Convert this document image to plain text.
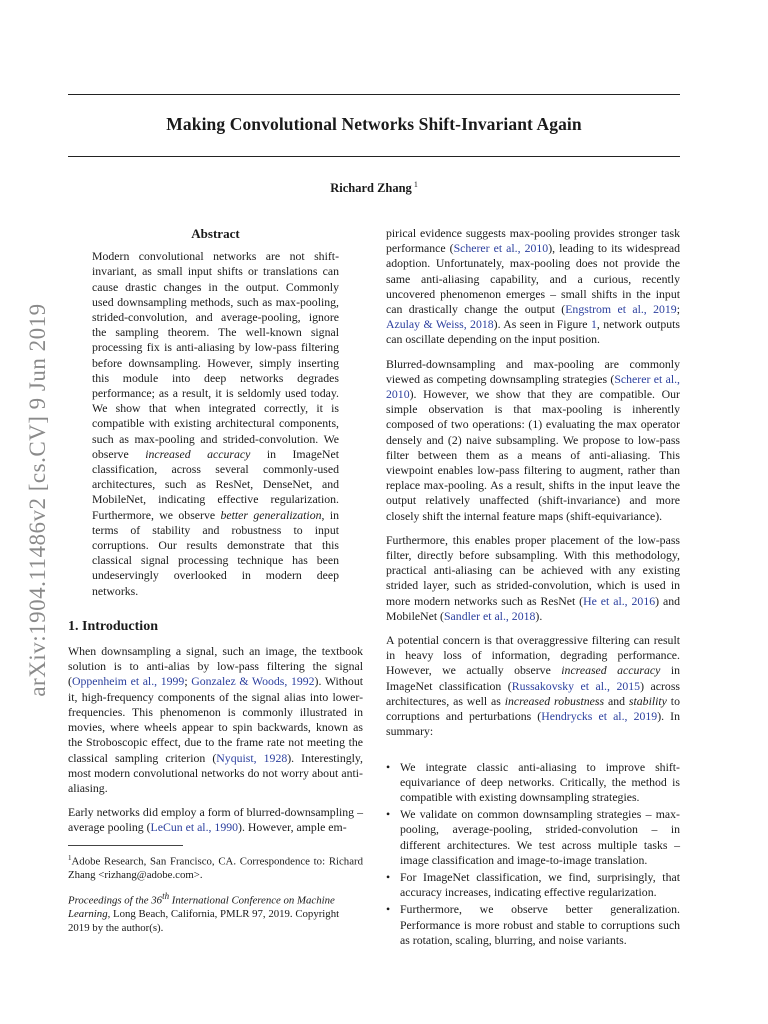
Making Convolutional Networks Shift-Invariant Again
Richard Zhang $^1$
arXiv:1904.11486v2 [cs.CV] 9 Jun 2019
Abstract
Modern convolutional networks are not shift-invariant, as small input shifts or translations can cause drastic changes in the output. Commonly used downsampling methods, such as max-pooling, strided-convolution, and average-pooling, ignore the sampling theorem. The well-known signal processing fix is anti-aliasing by low-pass filtering before downsampling. However, simply inserting this module into deep networks degrades performance; as a result, it is seldomly used today. We show that when integrated correctly, it is compatible with existing architectural components, such as max-pooling and strided-convolution. We observe increased accuracy in ImageNet classification, across several commonly-used architectures, such as ResNet, DenseNet, and MobileNet, indicating effective regularization. Furthermore, we observe better generalization, in terms of stability and robustness to input corruptions. Our results demonstrate that this classical signal processing technique has been undeservingly overlooked in modern deep networks.
1. Introduction

When downsampling a signal, such an image, the textbook solution is to anti-alias by low-pass filtering the signal (Oppenheim et al., 1999; Gonzalez & Woods, 1992). Without it, high-frequency components of the signal alias into lower-frequencies. This phenomenon is commonly illustrated in movies, where wheels appear to spin backwards, known as the Stroboscopic effect, due to the frame rate not meeting the classical sampling criterion (Nyquist, 1928). Interestingly, most modern convolutional networks do not worry about anti-aliasing.

Early networks did employ a form of blurred-downsampling – average pooling (LeCun et al., 1990). However, ample em-

$^1$Adobe Research, San Francisco, CA. Correspondence to: Richard Zhang <rizhang@adobe.com>.
Proceedings of the 36th International Conference on Machine Learning, Long Beach, California, PMLR 97, 2019. Copyright 2019 by the author(s).

pirical evidence suggests max-pooling provides stronger task performance (Scherer et al., 2010), leading to its widespread adoption. Unfortunately, max-pooling does not provide the same anti-aliasing capability, and a curious, recently uncovered phenomenon emerges – small shifts in the input can drastically change the output (Engstrom et al., 2019; Azulay & Weiss, 2018). As seen in Figure 1, network outputs can oscillate depending on the input position.

Blurred-downsampling and max-pooling are commonly viewed as competing downsampling strategies (Scherer et al., 2010). However, we show that they are compatible. Our simple observation is that max-pooling is inherently composed of two operations: (1) evaluating the max operator densely and (2) naive subsampling. We propose to low-pass filter between them as a means of anti-aliasing. This viewpoint enables low-pass filtering to augment, rather than replace max-pooling. As a result, shifts in the input leave the output relatively unaffected (shift-invariance) and more closely shift the internal feature maps (shift-equivariance).

Furthermore, this enables proper placement of the low-pass filter, directly before subsampling. With this methodology, practical anti-aliasing can be achieved with any existing strided layer, such as strided-convolution, which is used in more modern networks such as ResNet (He et al., 2016) and MobileNet (Sandler et al., 2018).

A potential concern is that overaggressive filtering can result in heavy loss of information, degrading performance. However, we actually observe increased accuracy in ImageNet classification (Russakovsky et al., 2015) across architectures, as well as increased robustness and stability to corruptions and perturbations (Hendrycks et al., 2019). In summary:

• We integrate classic anti-aliasing to improve shift-equivariance of deep networks. Critically, the method is compatible with existing downsampling strategies.
• We validate on common downsampling strategies – max-pooling, average-pooling, strided-convolution – in different architectures. We test across multiple tasks – image classification and image-to-image translation.
• For ImageNet classification, we find, surprisingly, that accuracy increases, indicating effective regularization.
• Furthermore, we observe better generalization. Performance is more robust and stable to corruptions such as rotation, scaling, blurring, and noise variants.
